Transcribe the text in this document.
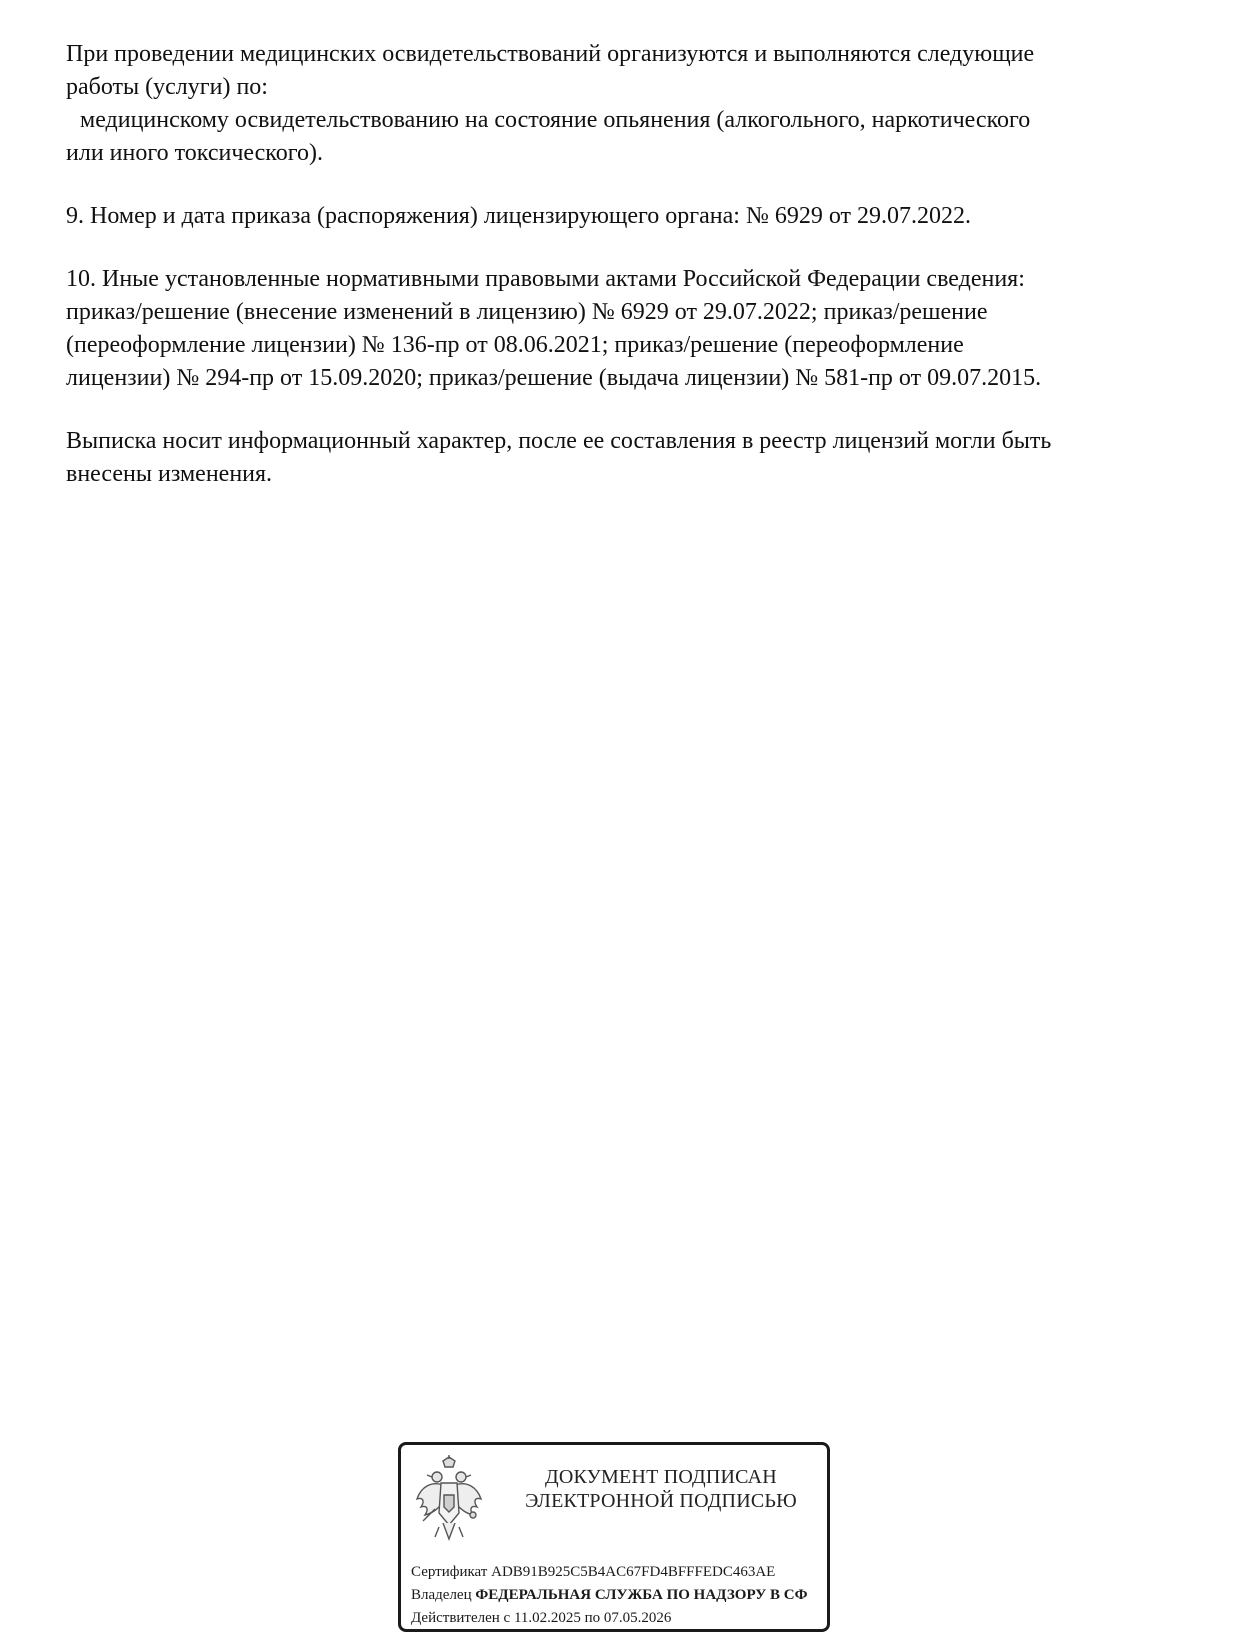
При проведении медицинских освидетельствований организуются и выполняются следующие
работы (услуги) по:
медицинскому освидетельствованию на состояние опьянения (алкогольного, наркотического
или иного токсического).

9. Номер и дата приказа (распоряжения) лицензирующего органа: № 6929 от 29.07.2022.

10. Иные установленные нормативными правовыми актами Российской Федерации сведения:
приказ/решение (внесение изменений в лицензию) № 6929 от 29.07.2022; приказ/решение
(переоформление лицензии) № 136-пр от 08.06.2021; приказ/решение (переоформление
лицензии) № 294-пр от 15.09.2020; приказ/решение (выдача лицензии) № 581-пр от 09.07.2015.

Выписка носит информационный характер, после ее составления в реестр лицензий могли быть
внесены изменения.

ДОКУМЕНТ ПОДПИСАН
ЭЛЕКТРОННОЙ ПОДПИСЬЮ
Сертификат ADB91B925C5B4AC67FD4BFFFEDC463AE
Владелец ФЕДЕРАЛЬНАЯ СЛУЖБА ПО НАДЗОРУ В СФ
Действителен с 11.02.2025 по 07.05.2026
